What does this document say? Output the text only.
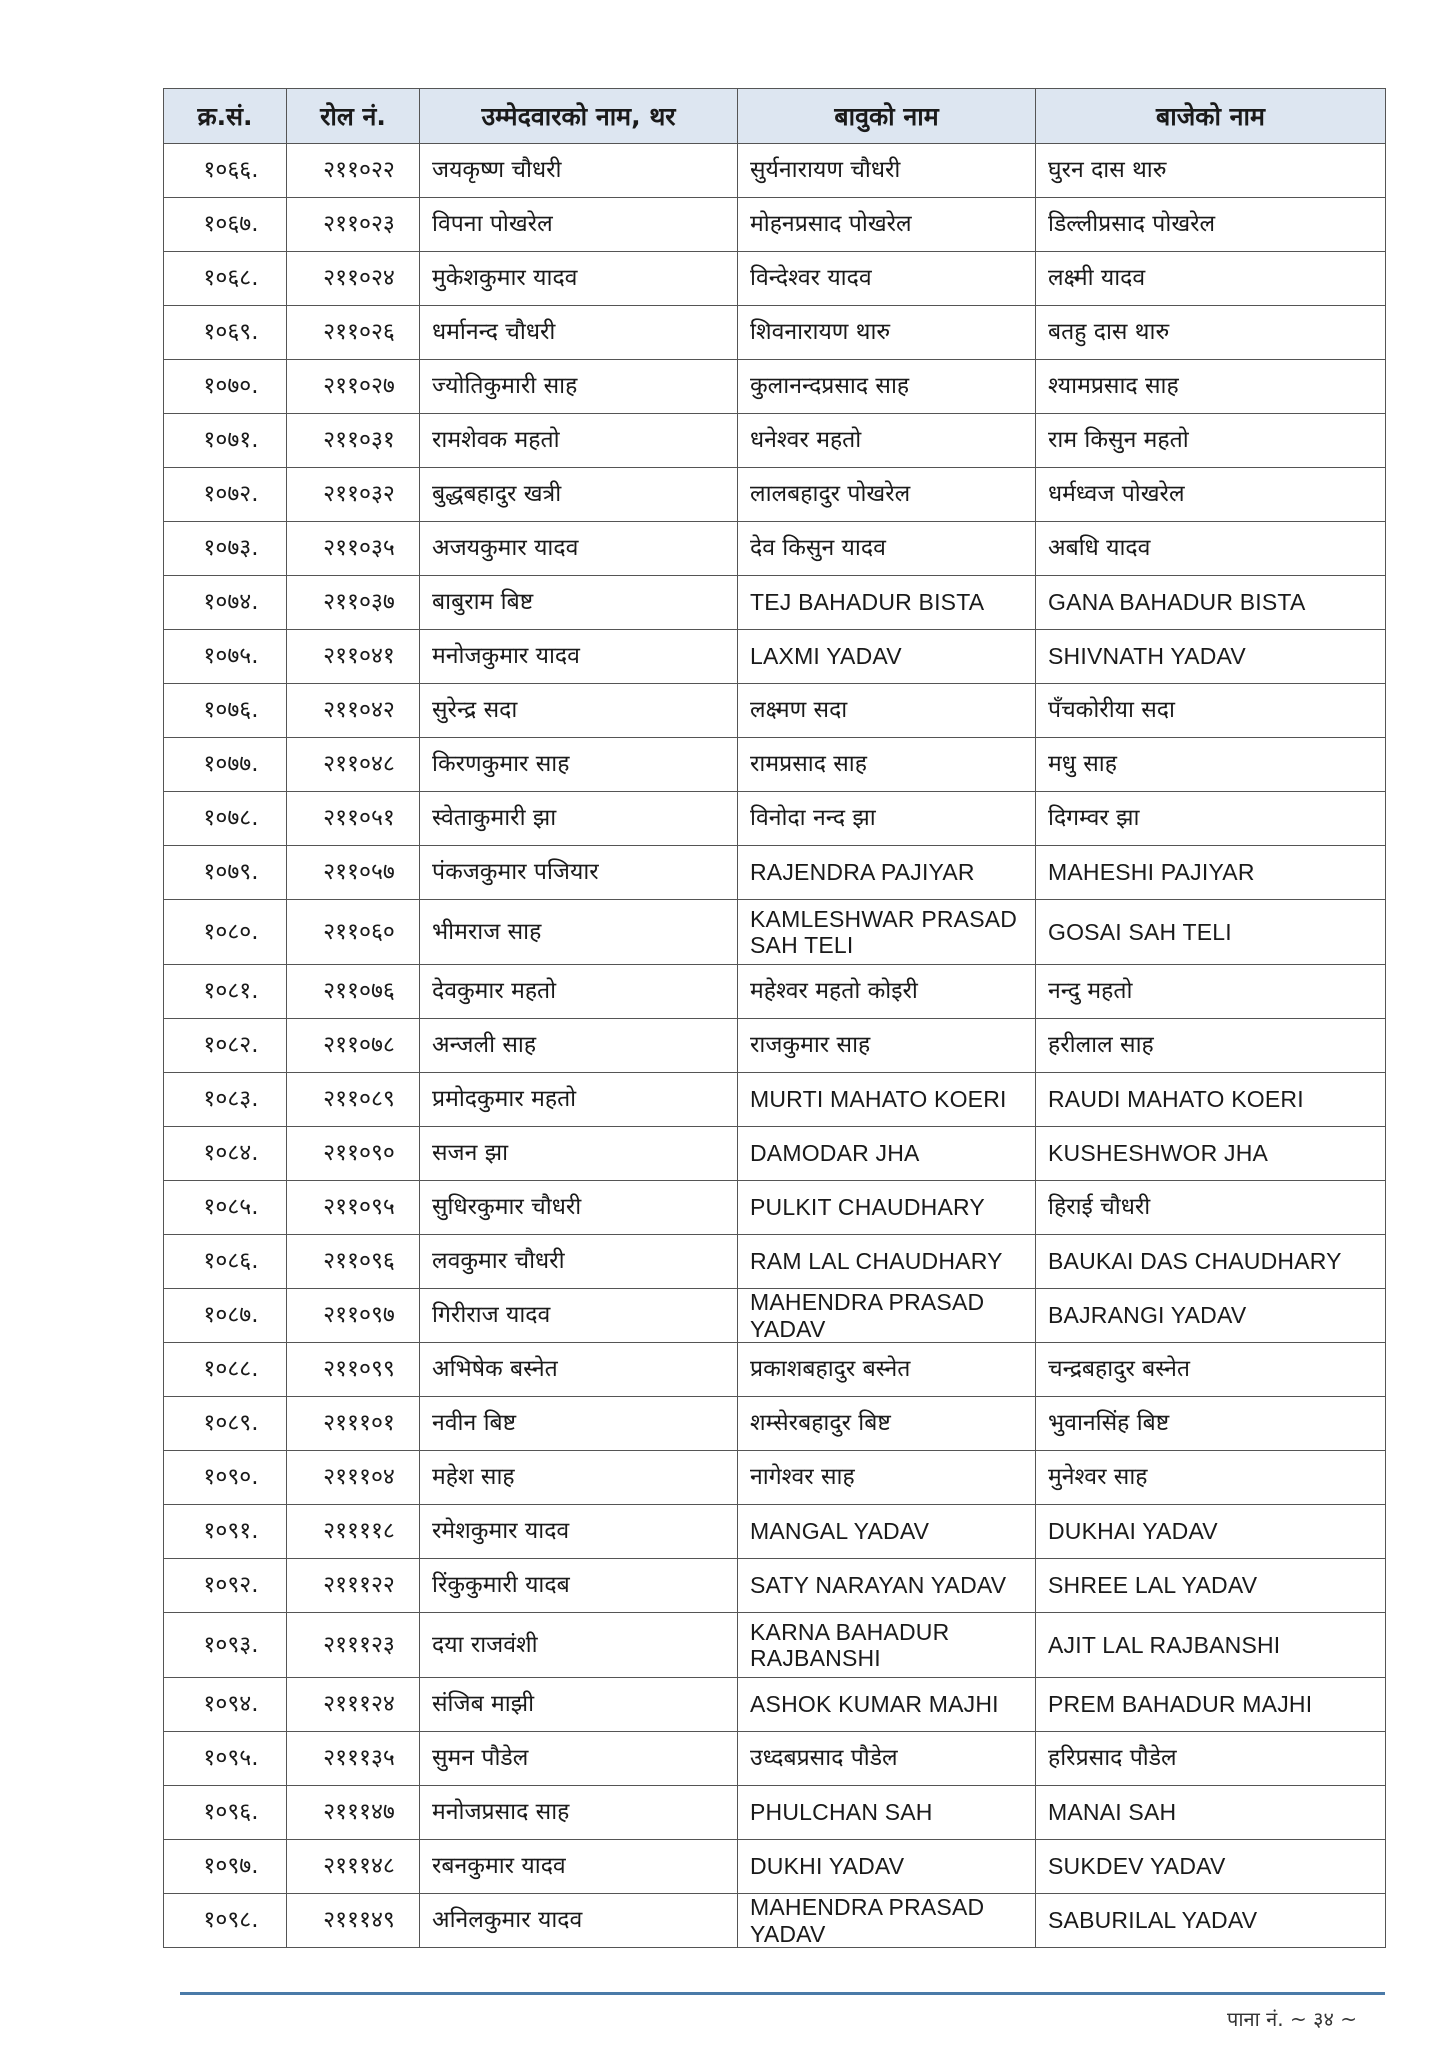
क्र.सं.	रोल नं.	उम्मेदवारको नाम, थर	बावुको नाम	बाजेको नाम
१०६६.	२११०२२	जयकृष्ण चौधरी	सुर्यनारायण चौधरी	घुरन दास थारु
१०६७.	२११०२३	विपना पोखरेल	मोहनप्रसाद पोखरेल	डिल्लीप्रसाद पोखरेल
१०६८.	२११०२४	मुकेशकुमार यादव	विन्देश्वर यादव	लक्ष्मी यादव
१०६९.	२११०२६	धर्मानन्द चौधरी	शिवनारायण थारु	बतहु दास थारु
१०७०.	२११०२७	ज्योतिकुमारी साह	कुलानन्दप्रसाद साह	श्यामप्रसाद साह
१०७१.	२११०३१	रामशेवक महतो	धनेश्वर महतो	राम किसुन महतो
१०७२.	२११०३२	बुद्धबहादुर खत्री	लालबहादुर पोखरेल	धर्मध्वज पोखरेल
१०७३.	२११०३५	अजयकुमार यादव	देव किसुन यादव	अबधि यादव
१०७४.	२११०३७	बाबुराम बिष्ट	TEJ BAHADUR BISTA	GANA BAHADUR BISTA
१०७५.	२११०४१	मनोजकुमार यादव	LAXMI YADAV	SHIVNATH YADAV
१०७६.	२११०४२	सुरेन्द्र सदा	लक्ष्मण सदा	पँचकोरीया सदा
१०७७.	२११०४८	किरणकुमार साह	रामप्रसाद साह	मधु साह
१०७८.	२११०५१	स्वेताकुमारी झा	विनोदा नन्द झा	दिगम्वर झा
१०७९.	२११०५७	पंकजकुमार पजियार	RAJENDRA PAJIYAR	MAHESHI PAJIYAR
१०८०.	२११०६०	भीमराज साह	KAMLESHWAR PRASAD SAH TELI	GOSAI SAH TELI
१०८१.	२११०७६	देवकुमार महतो	महेश्वर महतो कोइरी	नन्दु महतो
१०८२.	२११०७८	अन्जली साह	राजकुमार साह	हरीलाल साह
१०८३.	२११०८९	प्रमोदकुमार महतो	MURTI MAHATO KOERI	RAUDI MAHATO KOERI
१०८४.	२११०९०	सजन झा	DAMODAR JHA	KUSHESHWOR JHA
१०८५.	२११०९५	सुधिरकुमार चौधरी	PULKIT CHAUDHARY	हिराई चौधरी
१०८६.	२११०९६	लवकुमार चौधरी	RAM LAL CHAUDHARY	BAUKAI DAS CHAUDHARY
१०८७.	२११०९७	गिरीराज यादव	MAHENDRA PRASAD YADAV	BAJRANGI YADAV
१०८८.	२११०९९	अभिषेक बस्नेत	प्रकाशबहादुर बस्नेत	चन्द्रबहादुर बस्नेत
१०८९.	२१११०१	नवीन बिष्ट	शम्सेरबहादुर बिष्ट	भुवानसिंह बिष्ट
१०९०.	२१११०४	महेश साह	नागेश्वर साह	मुनेश्वर साह
१०९१.	२११११८	रमेशकुमार यादव	MANGAL YADAV	DUKHAI YADAV
१०९२.	२१११२२	रिंकुकुमारी यादब	SATY NARAYAN YADAV	SHREE LAL YADAV
१०९३.	२१११२३	दया राजवंशी	KARNA BAHADUR RAJBANSHI	AJIT LAL RAJBANSHI
१०९४.	२१११२४	संजिब माझी	ASHOK KUMAR MAJHI	PREM BAHADUR MAJHI
१०९५.	२१११३५	सुमन पौडेल	उध्दबप्रसाद पौडेल	हरिप्रसाद पौडेल
१०९६.	२१११४७	मनोजप्रसाद साह	PHULCHAN SAH	MANAI SAH
१०९७.	२१११४८	रबनकुमार यादव	DUKHI YADAV	SUKDEV YADAV
१०९८.	२१११४९	अनिलकुमार यादव	MAHENDRA PRASAD YADAV	SABURILAL YADAV
पाना नं. ~ ३४ ~
